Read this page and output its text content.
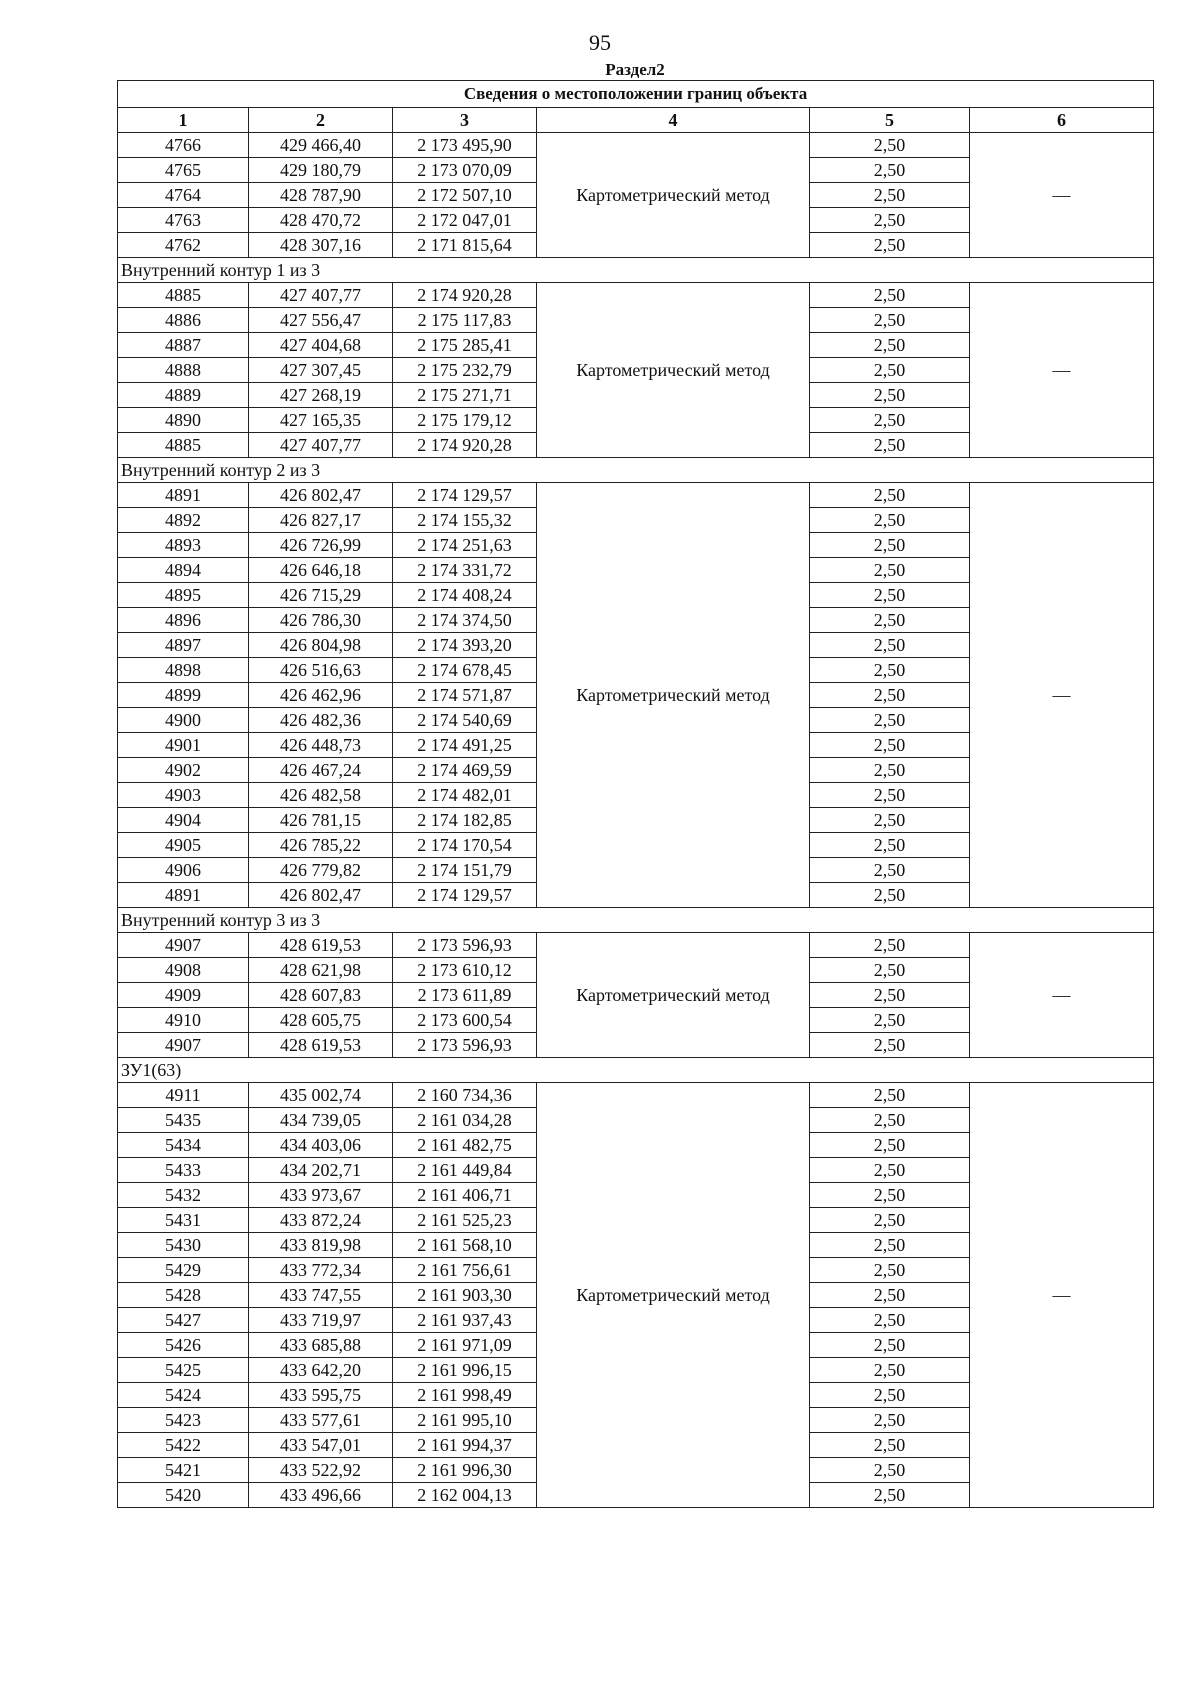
95
Раздел2
Сведения о местоположении границ объекта					
1	2	3	4	5	6
4766	429 466,40	2 173 495,90	Картометрический метод	2,50	—
4765	429 180,79	2 173 070,09		2,50	
4764	428 787,90	2 172 507,10		2,50	
4763	428 470,72	2 172 047,01		2,50	
4762	428 307,16	2 171 815,64		2,50	
Внутренний контур 1 из 3					
4885	427 407,77	2 174 920,28	Картометрический метод	2,50	—
4886	427 556,47	2 175 117,83		2,50	
4887	427 404,68	2 175 285,41		2,50	
4888	427 307,45	2 175 232,79		2,50	
4889	427 268,19	2 175 271,71		2,50	
4890	427 165,35	2 175 179,12		2,50	
4885	427 407,77	2 174 920,28		2,50	
Внутренний контур 2 из 3					
4891	426 802,47	2 174 129,57	Картометрический метод	2,50	—
4892	426 827,17	2 174 155,32		2,50	
4893	426 726,99	2 174 251,63		2,50	
4894	426 646,18	2 174 331,72		2,50	
4895	426 715,29	2 174 408,24		2,50	
4896	426 786,30	2 174 374,50		2,50	
4897	426 804,98	2 174 393,20		2,50	
4898	426 516,63	2 174 678,45		2,50	
4899	426 462,96	2 174 571,87		2,50	
4900	426 482,36	2 174 540,69		2,50	
4901	426 448,73	2 174 491,25		2,50	
4902	426 467,24	2 174 469,59		2,50	
4903	426 482,58	2 174 482,01		2,50	
4904	426 781,15	2 174 182,85		2,50	
4905	426 785,22	2 174 170,54		2,50	
4906	426 779,82	2 174 151,79		2,50	
4891	426 802,47	2 174 129,57		2,50	
Внутренний контур 3 из 3					
4907	428 619,53	2 173 596,93	Картометрический метод	2,50	—
4908	428 621,98	2 173 610,12		2,50	
4909	428 607,83	2 173 611,89		2,50	
4910	428 605,75	2 173 600,54		2,50	
4907	428 619,53	2 173 596,93		2,50	
ЗУ1(63)					
4911	435 002,74	2 160 734,36	Картометрический метод	2,50	—
5435	434 739,05	2 161 034,28		2,50	
5434	434 403,06	2 161 482,75		2,50	
5433	434 202,71	2 161 449,84		2,50	
5432	433 973,67	2 161 406,71		2,50	
5431	433 872,24	2 161 525,23		2,50	
5430	433 819,98	2 161 568,10		2,50	
5429	433 772,34	2 161 756,61		2,50	
5428	433 747,55	2 161 903,30		2,50	
5427	433 719,97	2 161 937,43		2,50	
5426	433 685,88	2 161 971,09		2,50	
5425	433 642,20	2 161 996,15		2,50	
5424	433 595,75	2 161 998,49		2,50	
5423	433 577,61	2 161 995,10		2,50	
5422	433 547,01	2 161 994,37		2,50	
5421	433 522,92	2 161 996,30		2,50	
5420	433 496,66	2 162 004,13		2,50	
